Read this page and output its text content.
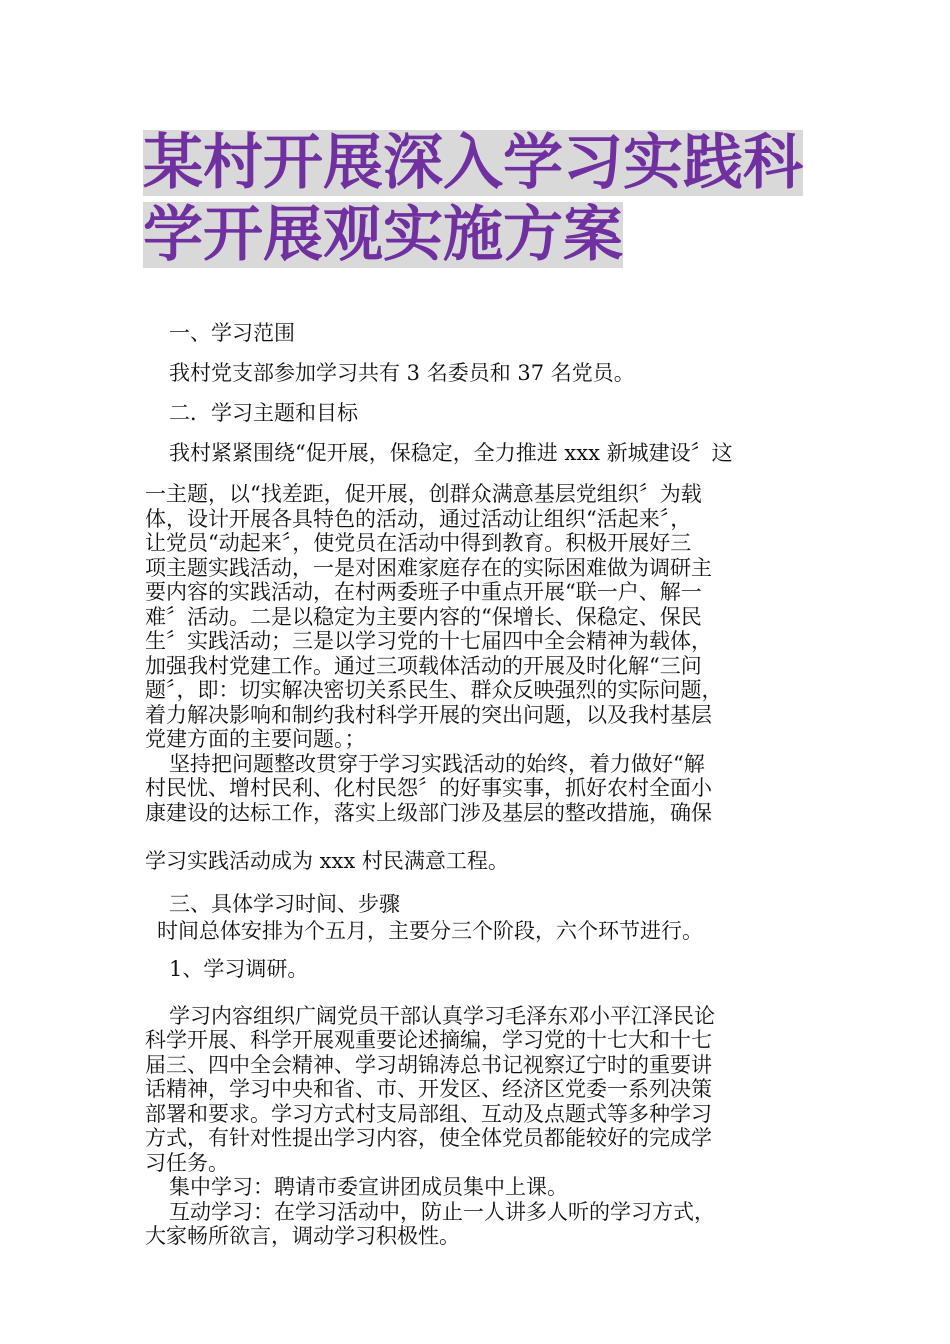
某村开展深入学习实践科
学开展观实施方案

一、学习范围

我村党支部参加学习共有 3 名委员和 37 名党员。

二．学习主题和目标

我村紧紧围绕“促开展，保稳定，全力推进 xxx 新城建设〞这

一主题，以“找差距，促开展，创群众满意基层党组织〞为载

体，设计开展各具特色的活动，通过活动让组织“活起来〞，

让党员“动起来〞，使党员在活动中得到教育。积极开展好三

项主题实践活动，一是对困难家庭存在的实际困难做为调研主

要内容的实践活动，在村两委班子中重点开展“联一户、解一

难〞活动。二是以稳定为主要内容的“保增长、保稳定、保民

生〞实践活动；三是以学习党的十七届四中全会精神为载体，

加强我村党建工作。通过三项载体活动的开展及时化解“三问

题〞，即：切实解决密切关系民生、群众反映强烈的实际问题，

着力解决影响和制约我村科学开展的突出问题，以及我村基层

党建方面的主要问题。；

坚持把问题整改贯穿于学习实践活动的始终，着力做好“解

村民忧、增村民利、化村民怨〞的好事实事，抓好农村全面小

康建设的达标工作，落实上级部门涉及基层的整改措施，确保

学习实践活动成为 xxx 村民满意工程。

三、具体学习时间、步骤

时间总体安排为个五月，主要分三个阶段，六个环节进行。

1、学习调研。

学习内容组织广阔党员干部认真学习毛泽东邓小平江泽民论

科学开展、科学开展观重要论述摘编，学习党的十七大和十七

届三、四中全会精神、学习胡锦涛总书记视察辽宁时的重要讲

话精神，学习中央和省、市、开发区、经济区党委一系列决策

部署和要求。学习方式村支局部组、互动及点题式等多种学习

方式，有针对性提出学习内容，使全体党员都能较好的完成学

习任务。

集中学习：聘请市委宣讲团成员集中上课。

互动学习：在学习活动中，防止一人讲多人听的学习方式，

大家畅所欲言，调动学习积极性。
